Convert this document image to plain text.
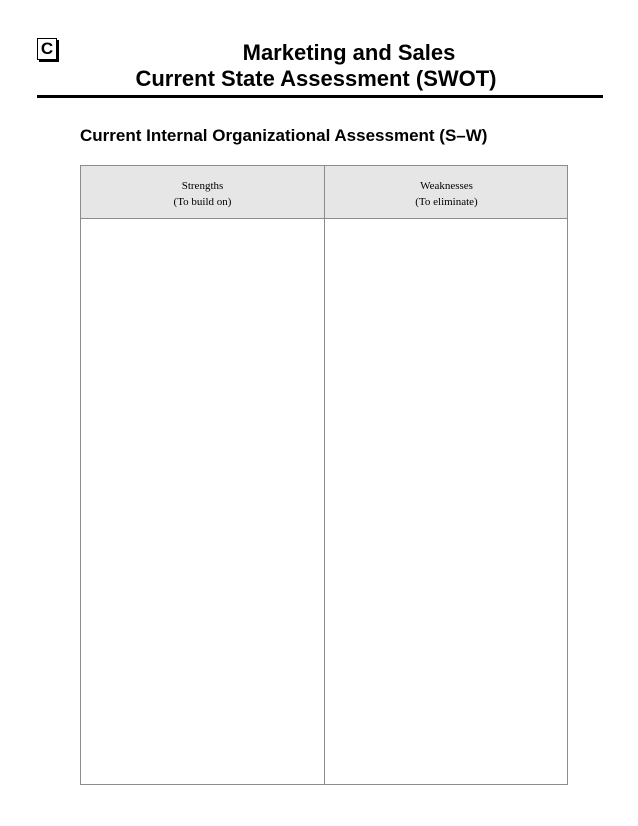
C	Marketing and Sales
Current State Assessment (SWOT)
Current Internal Organizational Assessment (S–W)
Strengths
(To build on)
Weaknesses
(To eliminate)
